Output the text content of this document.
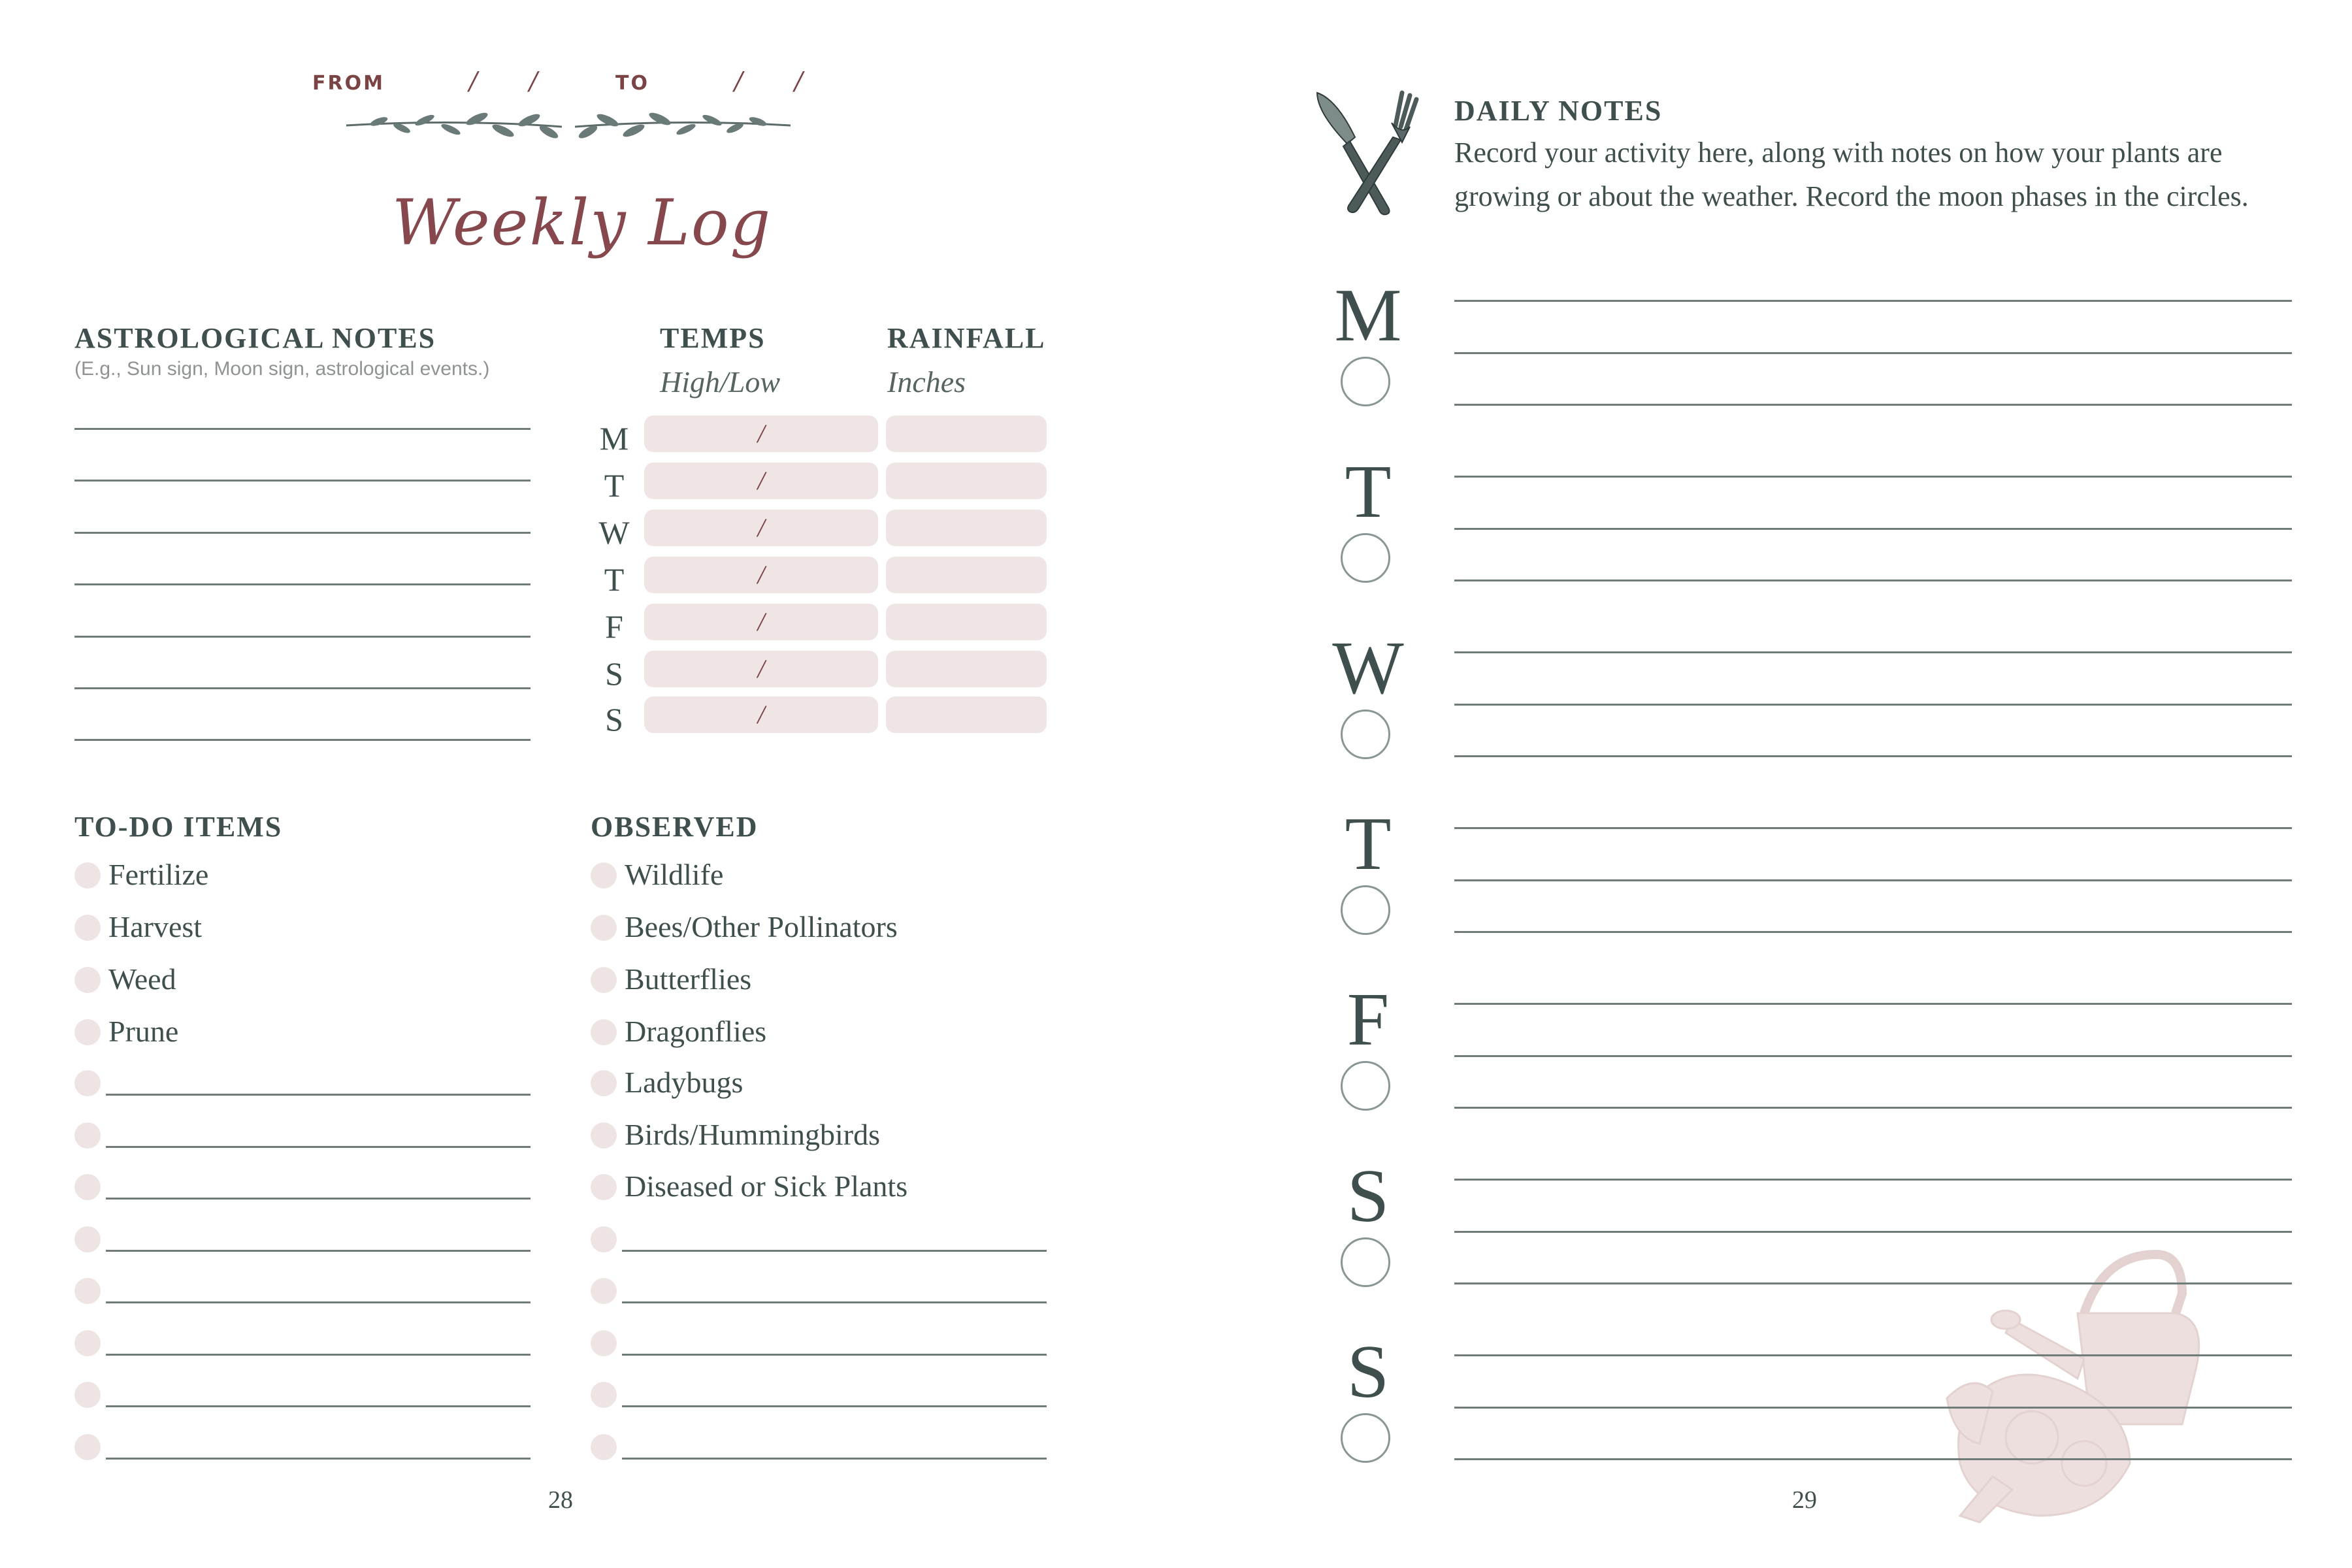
FROM	/ /	TO	/ /
Weekly Log
ASTROLOGICAL NOTES
(E.g., Sun sign, Moon sign, astrological events.)
TEMPS
High/Low
RAINFALL
Inches
M	/
T	/
W	/
T	/
F	/
S	/
S	/
TO-DO ITEMS
Fertilize
Harvest
Weed
Prune
OBSERVED
Wildlife
Bees/Other Pollinators
Butterflies
Dragonflies
Ladybugs
Birds/Hummingbirds
Diseased or Sick Plants
28
DAILY NOTES
Record your activity here, along with notes on how your plants are growing or about the weather. Record the moon phases in the circles.
M
T
W
T
F
S
S
29
